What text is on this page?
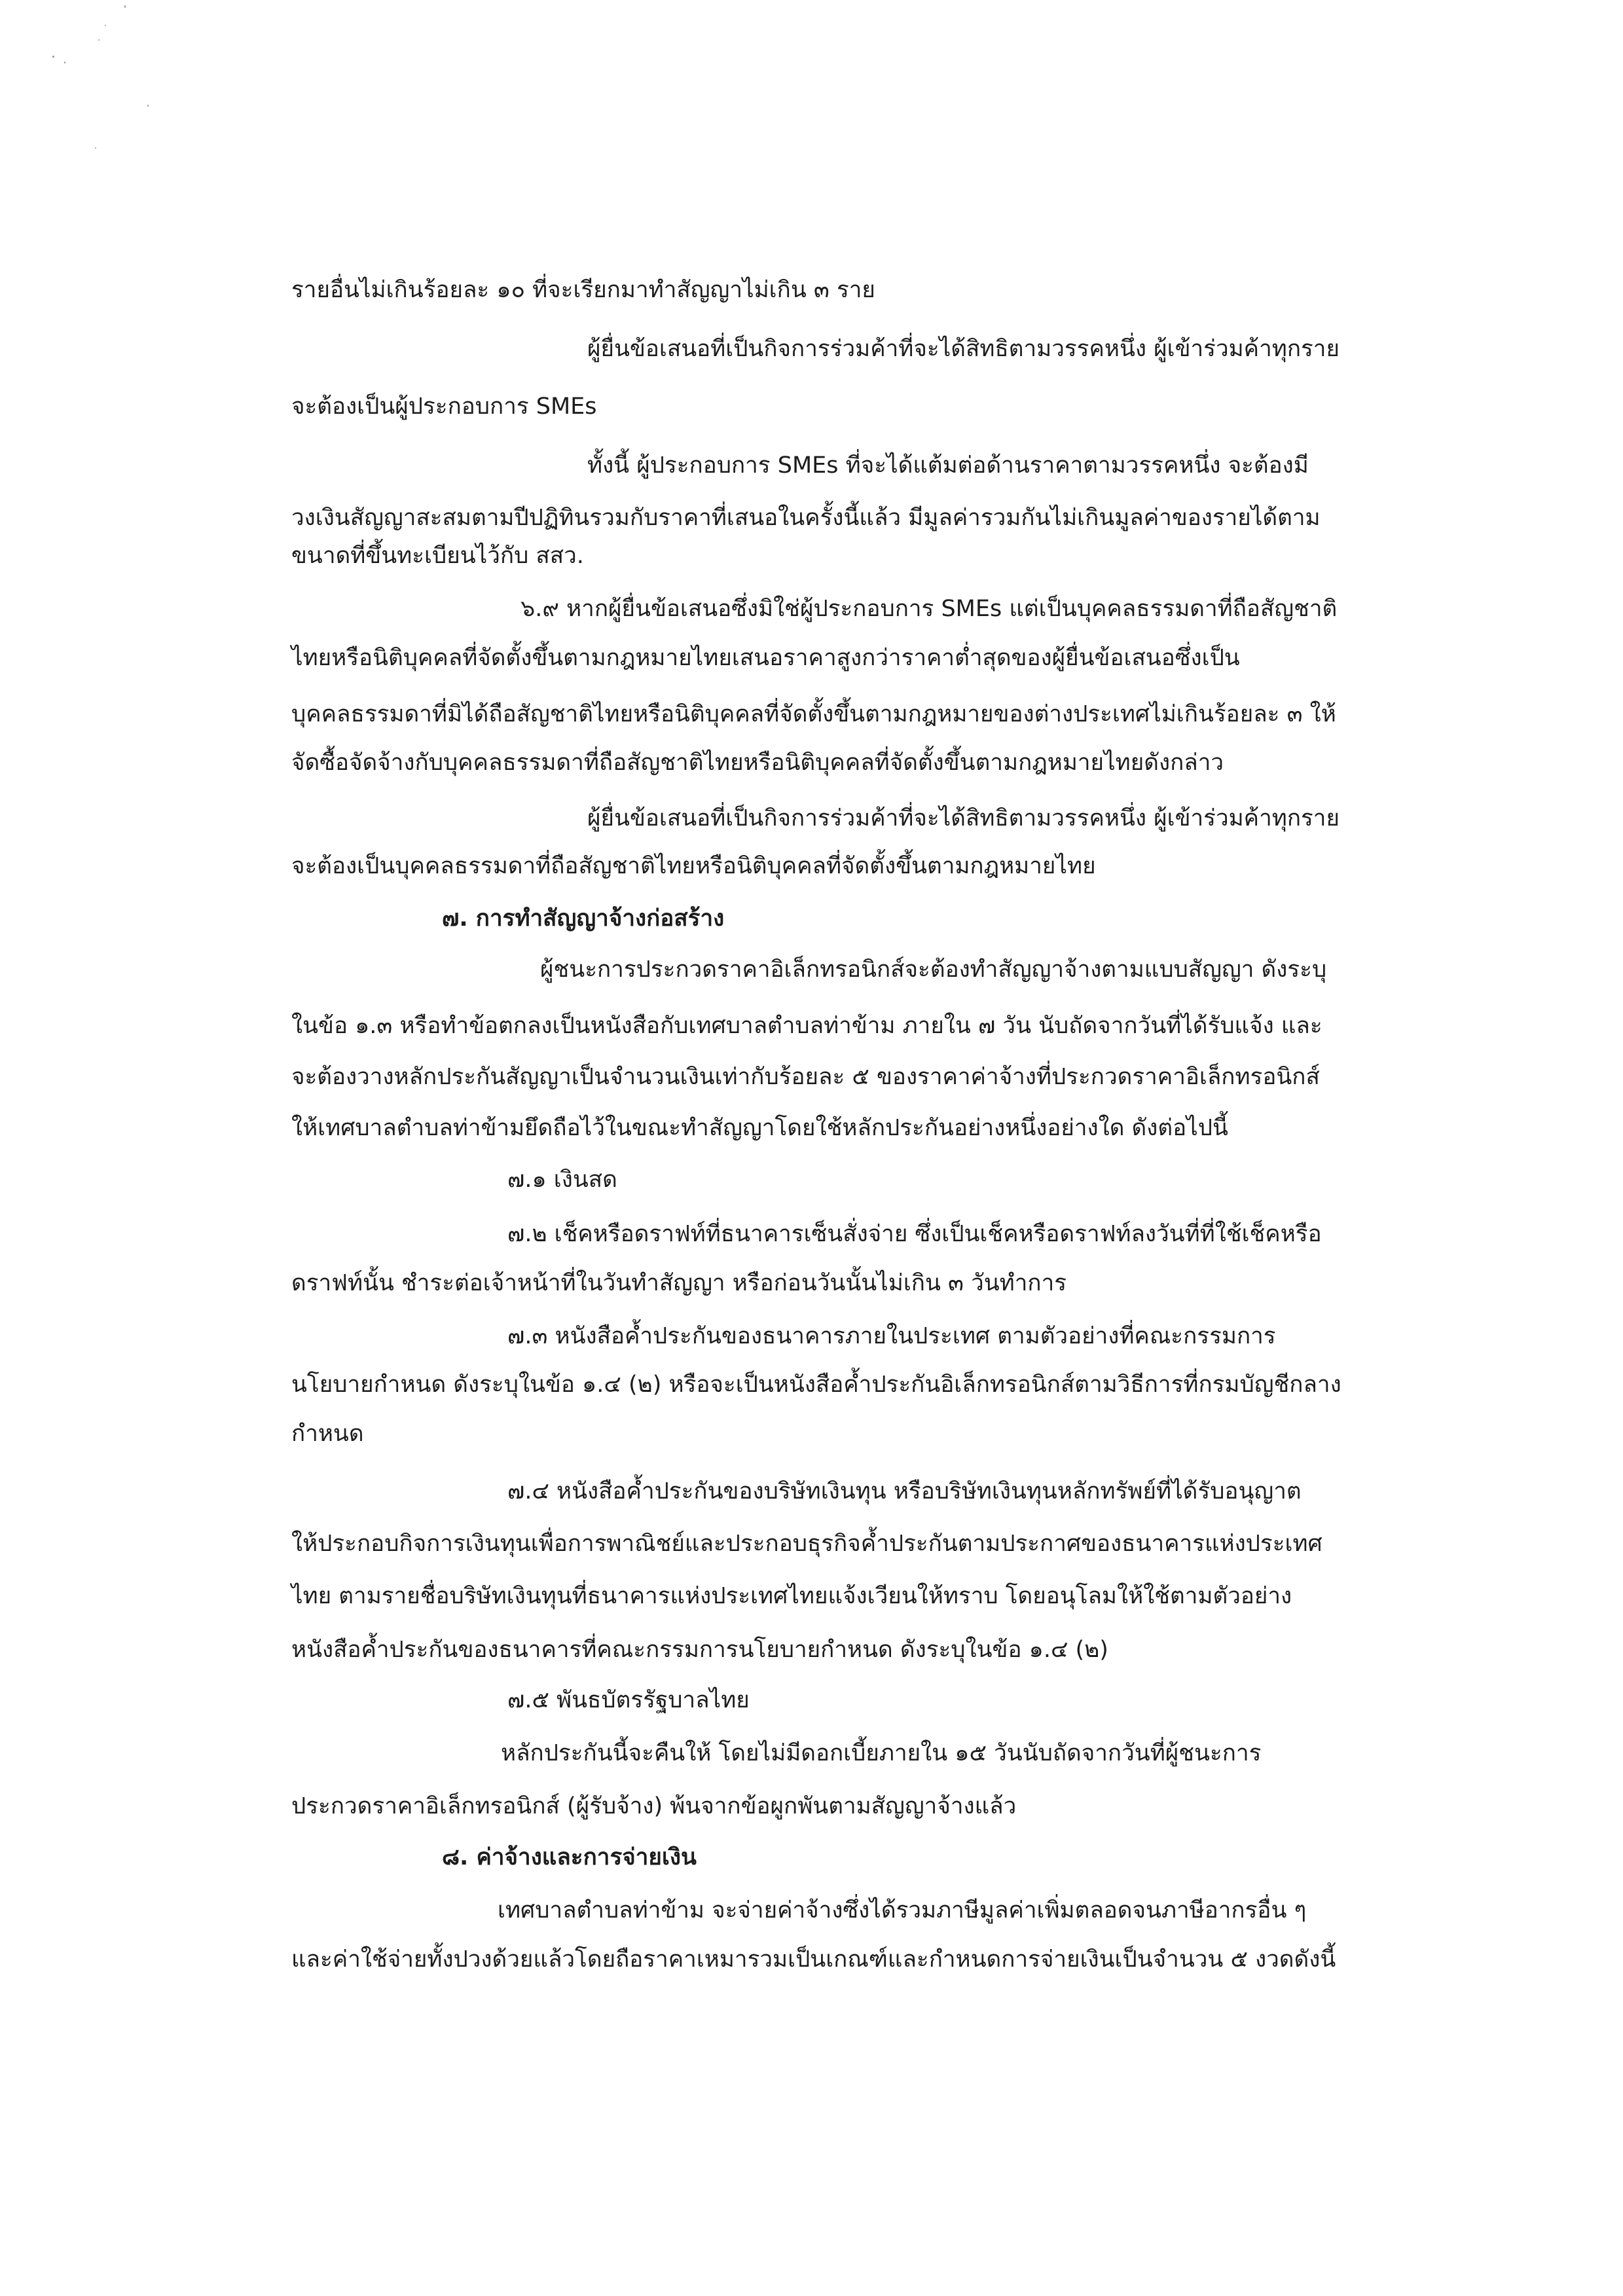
รายอื่นไม่เกินร้อยละ ๑๐ ที่จะเรียกมาทำสัญญาไม่เกิน ๓ ราย

ผู้ยื่นข้อเสนอที่เป็นกิจการร่วมค้าที่จะได้สิทธิตามวรรคหนึ่ง ผู้เข้าร่วมค้าทุกราย

จะต้องเป็นผู้ประกอบการ SMEs

ทั้งนี้ ผู้ประกอบการ SMEs ที่จะได้แต้มต่อด้านราคาตามวรรคหนึ่ง จะต้องมี

วงเงินสัญญาสะสมตามปีปฏิทินรวมกับราคาที่เสนอในครั้งนี้แล้ว มีมูลค่ารวมกันไม่เกินมูลค่าของรายได้ตาม

ขนาดที่ขึ้นทะเบียนไว้กับ สสว.

๖.๙ หากผู้ยื่นข้อเสนอซึ่งมิใช่ผู้ประกอบการ SMEs แต่เป็นบุคคลธรรมดาที่ถือสัญชาติ

ไทยหรือนิติบุคคลที่จัดตั้งขึ้นตามกฎหมายไทยเสนอราคาสูงกว่าราคาต่ำสุดของผู้ยื่นข้อเสนอซึ่งเป็น

บุคคลธรรมดาที่มิได้ถือสัญชาติไทยหรือนิติบุคคลที่จัดตั้งขึ้นตามกฎหมายของต่างประเทศไม่เกินร้อยละ ๓ ให้

จัดซื้อจัดจ้างกับบุคคลธรรมดาที่ถือสัญชาติไทยหรือนิติบุคคลที่จัดตั้งขึ้นตามกฎหมายไทยดังกล่าว

ผู้ยื่นข้อเสนอที่เป็นกิจการร่วมค้าที่จะได้สิทธิตามวรรคหนึ่ง ผู้เข้าร่วมค้าทุกราย

จะต้องเป็นบุคคลธรรมดาที่ถือสัญชาติไทยหรือนิติบุคคลที่จัดตั้งขึ้นตามกฎหมายไทย

๗. การทำสัญญาจ้างก่อสร้าง

ผู้ชนะการประกวดราคาอิเล็กทรอนิกส์จะต้องทำสัญญาจ้างตามแบบสัญญา ดังระบุ

ในข้อ ๑.๓ หรือทำข้อตกลงเป็นหนังสือกับเทศบาลตำบลท่าข้าม ภายใน ๗ วัน นับถัดจากวันที่ได้รับแจ้ง และ

จะต้องวางหลักประกันสัญญาเป็นจำนวนเงินเท่ากับร้อยละ ๕ ของราคาค่าจ้างที่ประกวดราคาอิเล็กทรอนิกส์

ให้เทศบาลตำบลท่าข้ามยึดถือไว้ในขณะทำสัญญาโดยใช้หลักประกันอย่างหนึ่งอย่างใด ดังต่อไปนี้

๗.๑ เงินสด

๗.๒ เช็คหรือดราฟท์ที่ธนาคารเซ็นสั่งจ่าย ซึ่งเป็นเช็คหรือดราฟท์ลงวันที่ที่ใช้เช็คหรือ

ดราฟท์นั้น ชำระต่อเจ้าหน้าที่ในวันทำสัญญา หรือก่อนวันนั้นไม่เกิน ๓ วันทำการ

๗.๓ หนังสือค้ำประกันของธนาคารภายในประเทศ ตามตัวอย่างที่คณะกรรมการ

นโยบายกำหนด ดังระบุในข้อ ๑.๔ (๒) หรือจะเป็นหนังสือค้ำประกันอิเล็กทรอนิกส์ตามวิธีการที่กรมบัญชีกลาง

กำหนด

๗.๔ หนังสือค้ำประกันของบริษัทเงินทุน หรือบริษัทเงินทุนหลักทรัพย์ที่ได้รับอนุญาต

ให้ประกอบกิจการเงินทุนเพื่อการพาณิชย์และประกอบธุรกิจค้ำประกันตามประกาศของธนาคารแห่งประเทศ

ไทย ตามรายชื่อบริษัทเงินทุนที่ธนาคารแห่งประเทศไทยแจ้งเวียนให้ทราบ โดยอนุโลมให้ใช้ตามตัวอย่าง

หนังสือค้ำประกันของธนาคารที่คณะกรรมการนโยบายกำหนด ดังระบุในข้อ ๑.๔ (๒)

๗.๕ พันธบัตรรัฐบาลไทย

หลักประกันนี้จะคืนให้ โดยไม่มีดอกเบี้ยภายใน ๑๕ วันนับถัดจากวันที่ผู้ชนะการ

ประกวดราคาอิเล็กทรอนิกส์ (ผู้รับจ้าง) พ้นจากข้อผูกพันตามสัญญาจ้างแล้ว

๘. ค่าจ้างและการจ่ายเงิน

เทศบาลตำบลท่าข้าม จะจ่ายค่าจ้างซึ่งได้รวมภาษีมูลค่าเพิ่มตลอดจนภาษีอากรอื่น ๆ

และค่าใช้จ่ายทั้งปวงด้วยแล้วโดยถือราคาเหมารวมเป็นเกณฑ์และกำหนดการจ่ายเงินเป็นจำนวน ๕ งวดดังนี้
